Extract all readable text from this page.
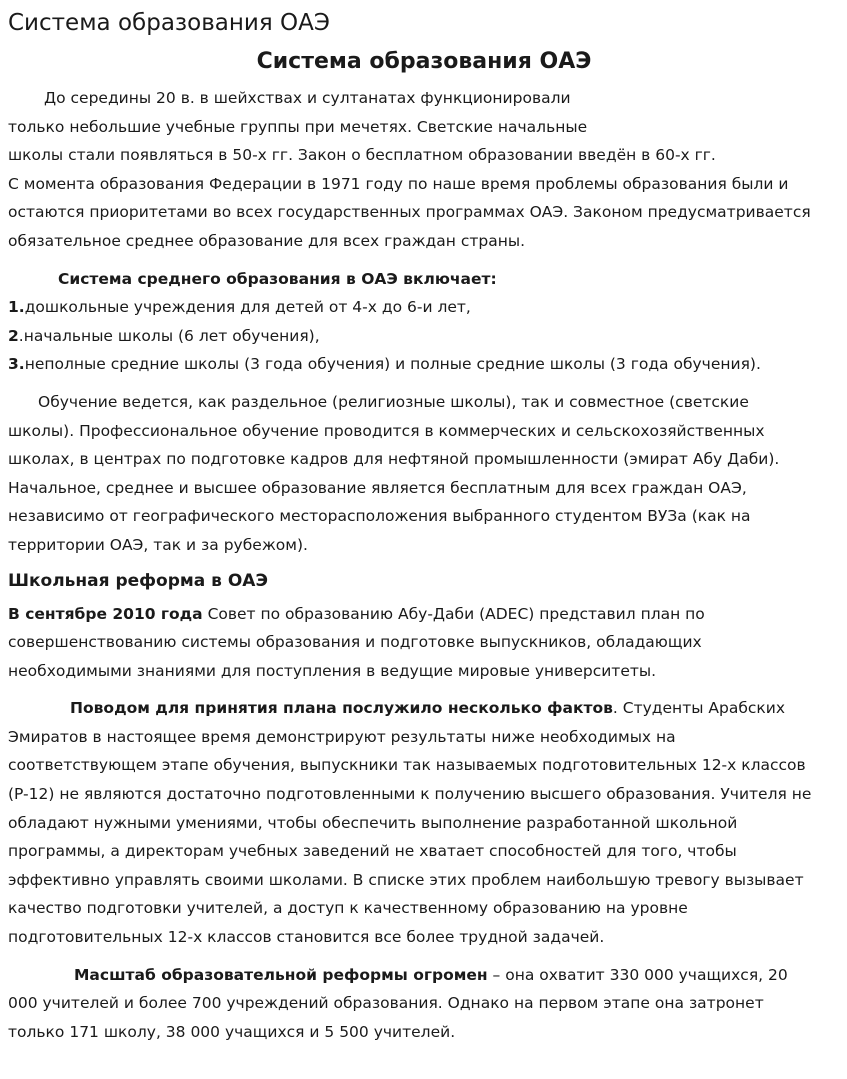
Система образования ОАЭ
Система образования ОАЭ
До середины 20 в. в шейхствах и султанатах функционировали
только небольшие учебные группы при мечетях. Светские начальные
школы стали появляться в 50-х гг. Закон о бесплатном образовании введён в 60-х гг.
С момента образования Федерации в 1971 году по наше время проблемы образования были и
остаются приоритетами во всех государственных программах ОАЭ. Законом предусматривается
обязательное среднее образование для всех граждан страны.
Система среднего образования в ОАЭ включает:
1.дошкольные учреждения для детей от 4-х до 6-и лет,
2.начальные школы (6 лет обучения),
3.неполные средние школы (3 года обучения) и полные средние школы (3 года обучения).
Обучение ведется, как раздельное (религиозные школы), так и совместное (светские
школы). Профессиональное обучение проводится в коммерческих и сельскохозяйственных
школах, в центрах по подготовке кадров для нефтяной промышленности (эмират Абу Даби).
Начальное, среднее и высшее образование является бесплатным для всех граждан ОАЭ,
независимо от географического месторасположения выбранного студентом ВУЗа (как на
территории ОАЭ, так и за рубежом).
Школьная реформа в ОАЭ
В сентябре 2010 года Совет по образованию Абу-Даби (ADEC) представил план по
совершенствованию системы образования и подготовке выпускников, обладающих
необходимыми знаниями для поступления в ведущие мировые университеты.
Поводом для принятия плана послужило несколько фактов. Студенты Арабских
Эмиратов в настоящее время демонстрируют результаты ниже необходимых на
соответствующем этапе обучения, выпускники так называемых подготовительных 12-х классов
(P-12) не являются достаточно подготовленными к получению высшего образования. Учителя не
обладают нужными умениями, чтобы обеспечить выполнение разработанной школьной
программы, а директорам учебных заведений не хватает способностей для того, чтобы
эффективно управлять своими школами. В списке этих проблем наибольшую тревогу вызывает
качество подготовки учителей, а доступ к качественному образованию на уровне
подготовительных 12-х классов становится все более трудной задачей.
Масштаб образовательной реформы огромен – она охватит 330 000 учащихся, 20
000 учителей и более 700 учреждений образования. Однако на первом этапе она затронет
только 171 школу, 38 000 учащихся и 5 500 учителей.
